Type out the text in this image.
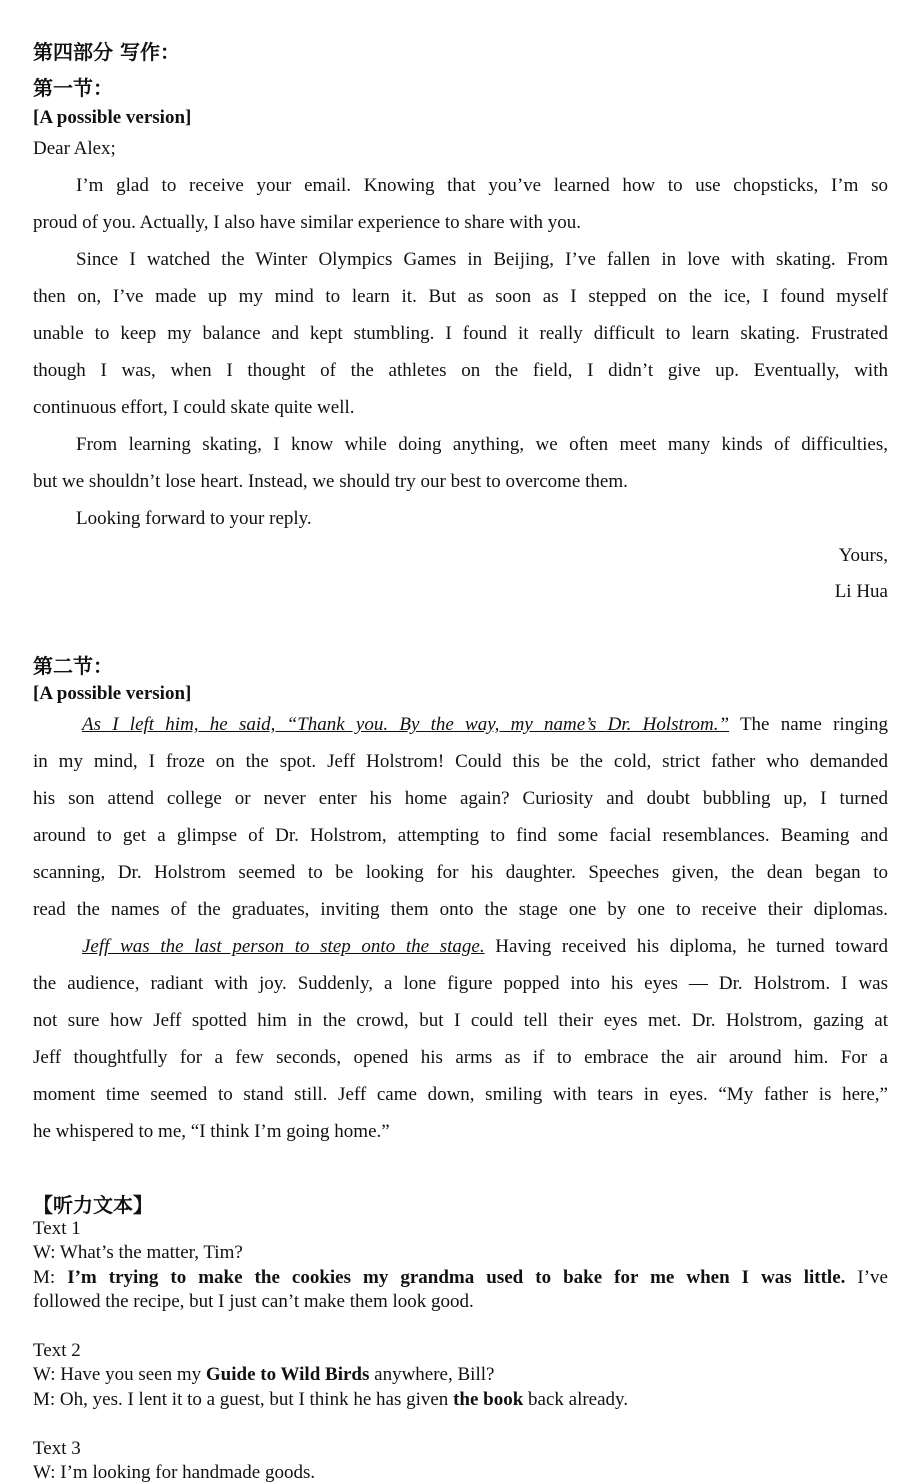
第四部分 写作：
第一节：
[A possible version]
Dear Alex;
I’m glad to receive your email. Knowing that you’ve learned how to use chopsticks, I’m so
proud of you. Actually, I also have similar experience to share with you.
Since I watched the Winter Olympics Games in Beijing, I’ve fallen in love with skating. From
then on, I’ve made up my mind to learn it. But as soon as I stepped on the ice, I found myself
unable to keep my balance and kept stumbling. I found it really difficult to learn skating. Frustrated
though I was, when I thought of the athletes on the field, I didn’t give up. Eventually, with
continuous effort, I could skate quite well.
From learning skating, I know while doing anything, we often meet many kinds of difficulties,
but we shouldn’t lose heart. Instead, we should try our best to overcome them.
Looking forward to your reply.
Yours,
Li Hua
第二节：
[A possible version]
As I left him, he said, “Thank you. By the way, my name’s Dr. Holstrom.” The name ringing
in my mind, I froze on the spot. Jeff Holstrom! Could this be the cold, strict father who demanded
his son attend college or never enter his home again? Curiosity and doubt bubbling up, I turned
around to get a glimpse of Dr. Holstrom, attempting to find some facial resemblances. Beaming and
scanning, Dr. Holstrom seemed to be looking for his daughter. Speeches given, the dean began to
read the names of the graduates, inviting them onto the stage one by one to receive their diplomas.
Jeff was the last person to step onto the stage. Having received his diploma, he turned toward
the audience, radiant with joy. Suddenly, a lone figure popped into his eyes — Dr. Holstrom. I was
not sure how Jeff spotted him in the crowd, but I could tell their eyes met. Dr. Holstrom, gazing at
Jeff thoughtfully for a few seconds, opened his arms as if to embrace the air around him. For a
moment time seemed to stand still. Jeff came down, smiling with tears in eyes. “My father is here,”
he whispered to me, “I think I’m going home.”
【听力文本】
Text 1
W: What’s the matter, Tim?
M: I’m trying to make the cookies my grandma used to bake for me when I was little. I’ve
followed the recipe, but I just can’t make them look good.
Text 2
W: Have you seen my Guide to Wild Birds anywhere, Bill?
M: Oh, yes. I lent it to a guest, but I think he has given the book back already.
Text 3
W: I’m looking for handmade goods.
